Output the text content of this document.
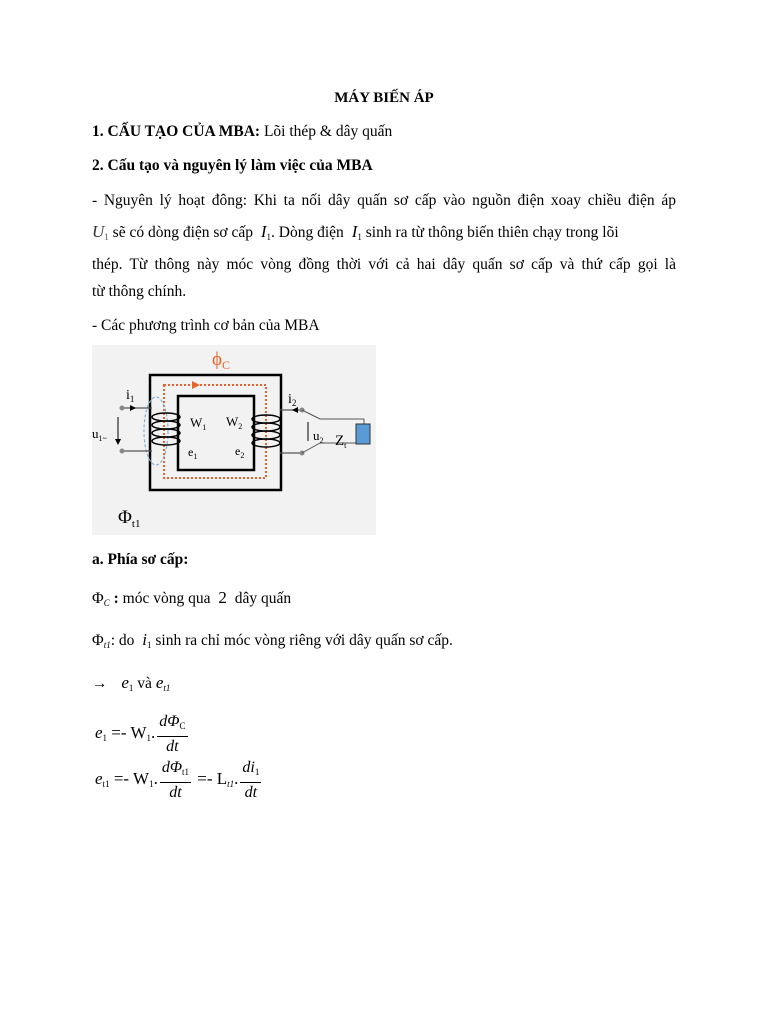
MÁY BIẾN ÁP
1. CẤU TẠO CỦA MBA: Lõi thép & dây quấn
2. Cấu tạo và nguyên lý làm việc của MBA
- Nguyên lý hoạt đông: Khi ta nối dây quấn sơ cấp vào nguồn điện xoay chiều điện áp
$U_1$ sẽ có dòng điện sơ cấp $I_1$. Dòng điện $I_1$ sinh ra từ thông biến thiên chạy trong lõi
thép. Từ thông này móc vòng đồng thời với cả hai dây quấn sơ cấp và thứ cấp gọi là
từ thông chính.
- Các phương trình cơ bản của MBA
$\phi_C$
$i_1$
$u_{1\sim}$
$W_1$
$e_1$
$W_2$
$e_2$
$i_2$
$u_2$ $Z_t$
$\Phi_{t1}$
a. Phía sơ cấp:
$\Phi_C$ : móc vòng qua 2 dây quấn
$\Phi_{t1}$: do $i_1$ sinh ra chỉ móc vòng riêng với dây quấn sơ cấp.
→ $e_1$ và $e_{t1}$
$e_1 =- W_1$. $\frac{d\Phi_C}{dt}$
$e_{t1} =- W_1$. $\frac{d\Phi_{t1}}{dt} =- L_{t1}$. $\frac{di_1}{dt}$
